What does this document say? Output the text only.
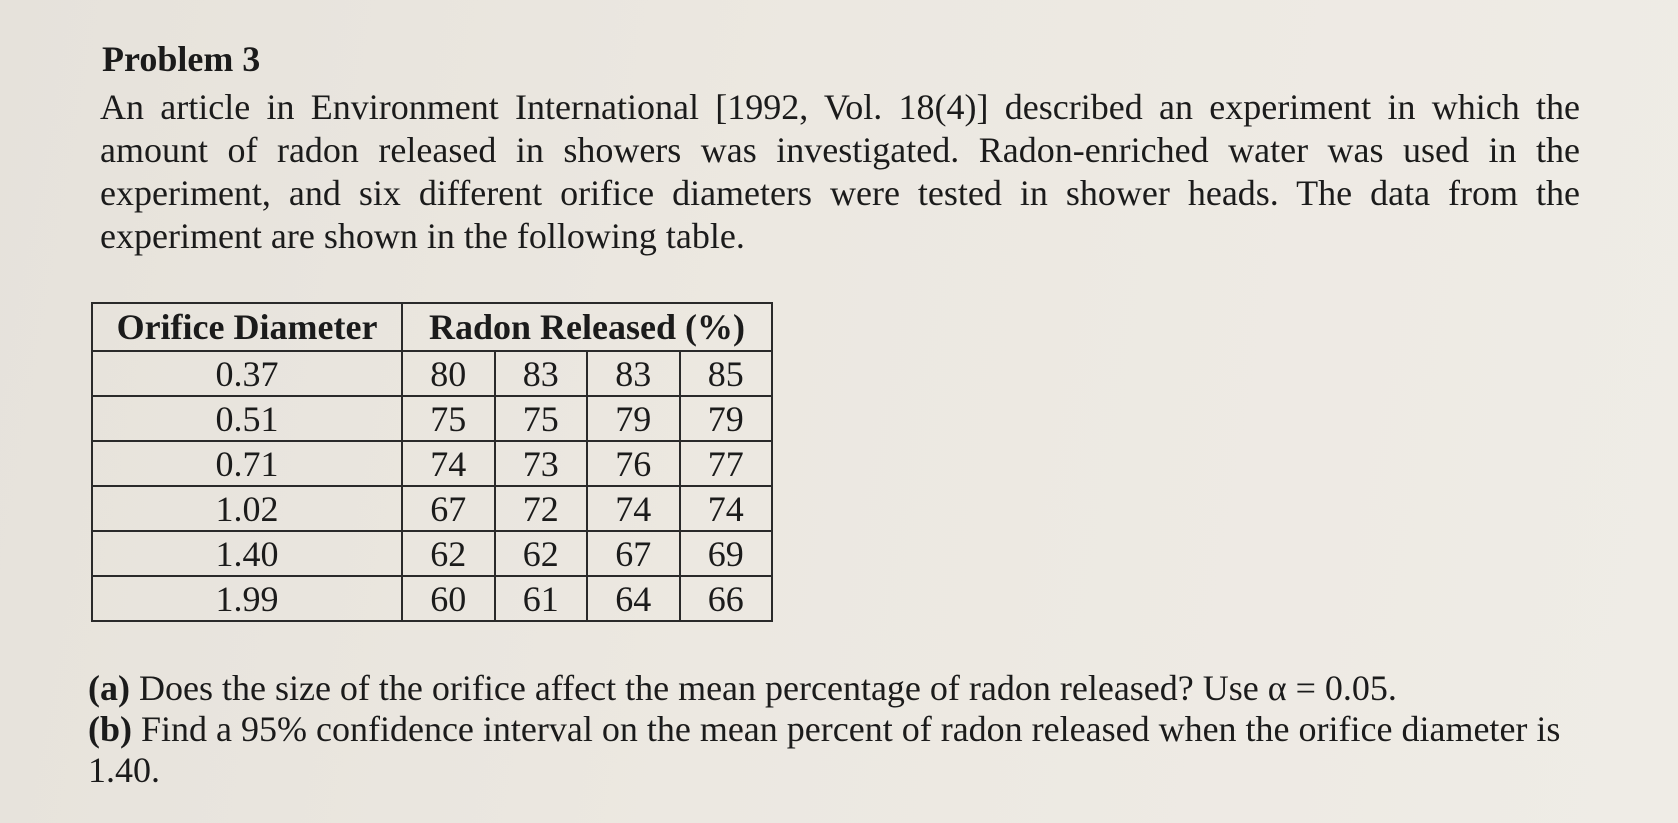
Problem 3

An article in Environment International [1992, Vol. 18(4)] described an experiment in which the amount of radon released in showers was investigated. Radon-enriched water was used in the experiment, and six different orifice diameters were tested in shower heads. The data from the experiment are shown in the following table.

Orifice Diameter	Radon Released (%)			
0.37	80	83	83	85
0.51	75	75	79	79
0.71	74	73	76	77
1.02	67	72	74	74
1.40	62	62	67	69
1.99	60	61	64	66
(a) Does the size of the orifice affect the mean percentage of radon released? Use α = 0.05.
(b) Find a 95% confidence interval on the mean percent of radon released when the orifice diameter is 1.40.
